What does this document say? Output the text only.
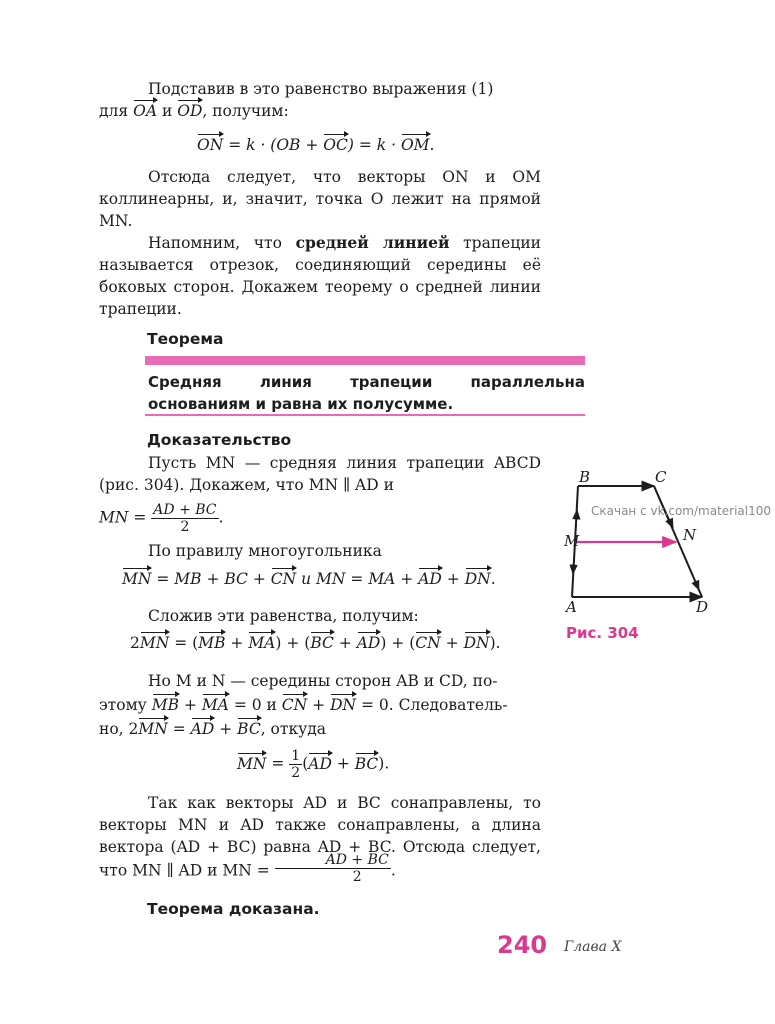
Подставив в это равенство выражения (1)

для OA и OD, получим:

ON = k · (OB + OC) = k · OM.

Отсюда следует, что векторы ON и OM коллинеарны, и, значит, точка O лежит на прямой MN.

Напомним, что средней линией трапеции называется отрезок, соединяющий середины её боковых сторон. Докажем теорему о средней линии трапеции.

Теорема
Средняя линия трапеции параллельна основаниям и равна их полусумме.
Доказательство

Пусть MN — средняя линия трапеции ABCD (рис. 304). Докажем, что MN ∥ AD и

MN = $\frac{AD + BC}{2}$ .

По правилу многоугольника

MN = MB + BC + CN и MN = MA + AD + DN.

Сложив эти равенства, получим:

2MN = (MB + MA) + (BC + AD) + (CN + DN).

Но M и N — середины сторон AB и CD, по-

этому MB + MA = 0 и CN + DN = 0. Следователь-

но, 2MN = AD + BC, откуда

MN = $\frac{1}{2} (AD + BC)$.

Так как векторы AD и BC сонаправлены, то векторы MN и AD также сонаправлены, а длина вектора (AD + BC) равна AD + BC. Отсюда следует, что MN ∥ AD и MN = $\frac{AD + BC}{2}$ .

Теорема доказана.
B	C
M	N
A	D
Скачан с vk.com/material100
Рис. 304
240 Глава X
